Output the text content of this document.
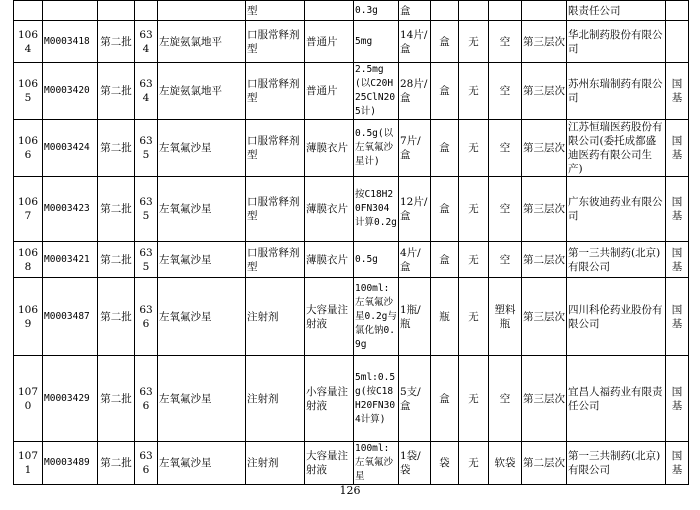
					型		0.3g	盒					限责任公司	
1064	M0003418	第二批	634	左旋氨氯地平	口服常释剂型	普通片	5mg	14片/盒	盒	无	空	第三层次	华北制药股份有限公司	
1065	M0003420	第二批	634	左旋氨氯地平	口服常释剂型	普通片	2.5mg(以C20H25ClN205计)	28片/盒	盒	无	空	第三层次	苏州东瑞制药有限公司	国基
1066	M0003424	第二批	635	左氧氟沙星	口服常释剂型	薄膜衣片	0.5g(以左氧氟沙星计)	7片/盒	盒	无	空	第三层次	江苏恒瑞医药股份有限公司(委托成都盛迪医药有限公司生产)	国基
1067	M0003423	第二批	635	左氧氟沙星	口服常释剂型	薄膜衣片	按C18H20FN304计算0.2g	12片/盒	盒	无	空	第三层次	广东彼迪药业有限公司	国基
1068	M0003421	第二批	635	左氧氟沙星	口服常释剂型	薄膜衣片	0.5g	4片/盒	盒	无	空	第二层次	第一三共制药(北京)有限公司	国基
1069	M0003487	第二批	636	左氧氟沙星	注射剂	大容量注射液	100ml:左氧氟沙星0.2g与氯化钠0.9g	1瓶/瓶	瓶	无	塑料瓶	第三层次	四川科伦药业股份有限公司	国基
1070	M0003429	第二批	636	左氧氟沙星	注射剂	小容量注射液	5ml:0.5g(按C18H20FN304计算)	5支/盒	盒	无	空	第三层次	宜昌人福药业有限责任公司	国基
1071	M0003489	第二批	636	左氧氟沙星	注射剂	大容量注射液	100ml:左氧氟沙星	1袋/袋	袋	无	软袋	第二层次	第一三共制药(北京)有限公司	国基
126
